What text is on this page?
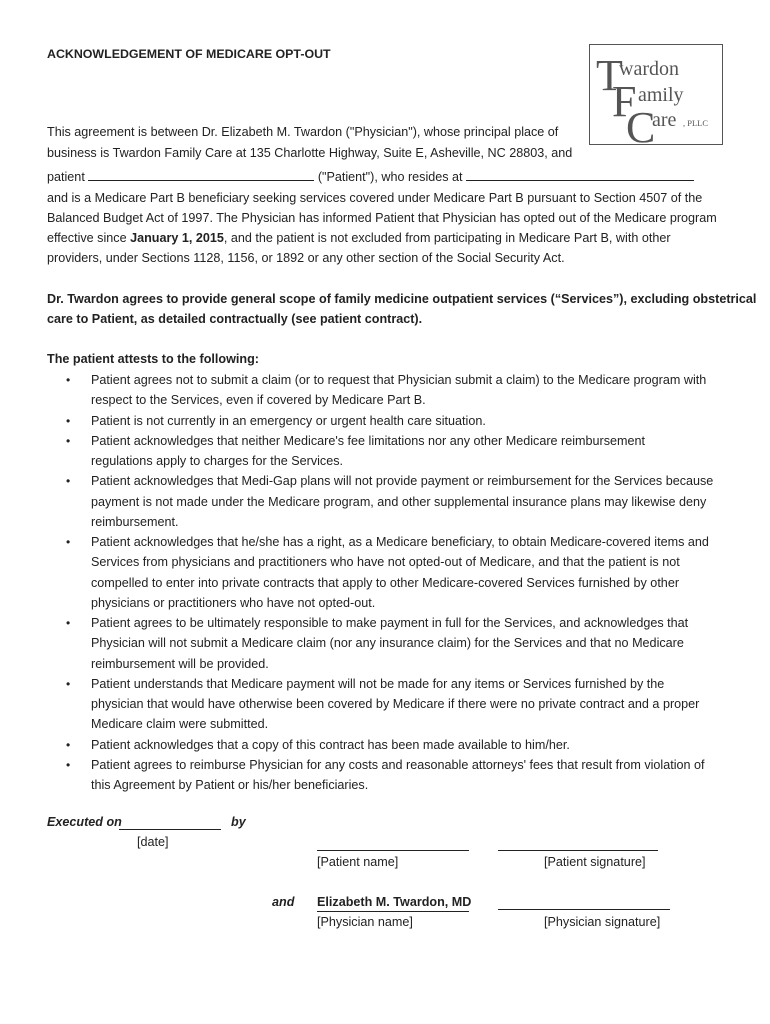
ACKNOWLEDGEMENT OF MEDICARE OPT-OUT	T
wardon
F amily
C
are , PLLC
This agreement is between Dr. Elizabeth M. Twardon ("Physician"), whose principal place of
business is Twardon Family Care at 135 Charlotte Highway, Suite E, Asheville, NC 28803, and
patient	("Patient"), who resides at
and is a Medicare Part B beneficiary seeking services covered under Medicare Part B pursuant to Section 4507 of the
Balanced Budget Act of 1997. The Physician has informed Patient that Physician has opted out of the Medicare program
effective since January 1, 2015, and the patient is not excluded from participating in Medicare Part B, with other
providers, under Sections 1128, 1156, or 1892 or any other section of the Social Security Act.
Dr. Twardon agrees to provide general scope of family medicine outpatient services (“Services”), excluding obstetrical
care to Patient, as detailed contractually (see patient contract).
The patient attests to the following:
•	Patient agrees not to submit a claim (or to request that Physician submit a claim) to the Medicare program with
respect to the Services, even if covered by Medicare Part B.
•	Patient is not currently in an emergency or urgent health care situation.
•	Patient acknowledges that neither Medicare's fee limitations nor any other Medicare reimbursement
regulations apply to charges for the Services.
•	Patient acknowledges that Medi-Gap plans will not provide payment or reimbursement for the Services because
payment is not made under the Medicare program, and other supplemental insurance plans may likewise deny
reimbursement.
•	Patient acknowledges that he/she has a right, as a Medicare beneficiary, to obtain Medicare-covered items and
Services from physicians and practitioners who have not opted-out of Medicare, and that the patient is not
compelled to enter into private contracts that apply to other Medicare-covered Services furnished by other
physicians or practitioners who have not opted-out.
•	Patient agrees to be ultimately responsible to make payment in full for the Services, and acknowledges that
Physician will not submit a Medicare claim (nor any insurance claim) for the Services and that no Medicare
reimbursement will be provided.
•	Patient understands that Medicare payment will not be made for any items or Services furnished by the
physician that would have otherwise been covered by Medicare if there were no private contract and a proper
Medicare claim were submitted.
•	Patient acknowledges that a copy of this contract has been made available to him/her.
•	Patient agrees to reimburse Physician for any costs and reasonable attorneys' fees that result from violation of
this Agreement by Patient or his/her beneficiaries.
Executed on	by
[date]
[Patient name]	[Patient signature]
and Elizabeth M. Twardon, MD
[Physician name]	[Physician signature]
